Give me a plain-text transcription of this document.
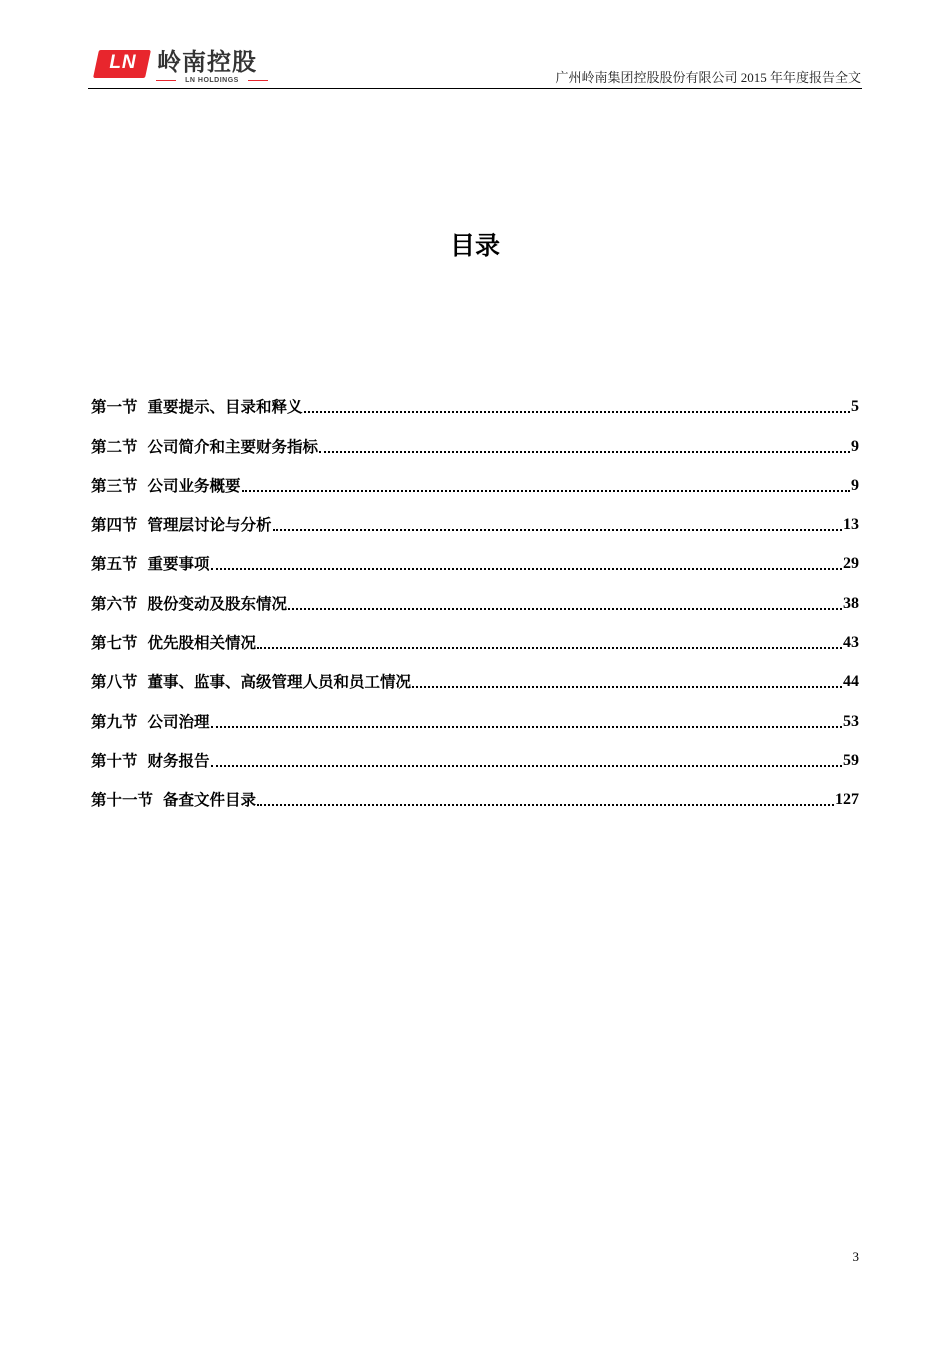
LN 岭南控股
LN HOLDINGS	广州岭南集团控股股份有限公司 2015 年年度报告全文
目录
第一节 重要提示、目录和释义	5
第二节 公司简介和主要财务指标	9
第三节 公司业务概要	9
第四节 管理层讨论与分析	13
第五节 重要事项	29
第六节 股份变动及股东情况	38
第七节 优先股相关情况	43
第八节 董事、监事、高级管理人员和员工情况	44
第九节 公司治理	53
第十节 财务报告	59
第十一节 备查文件目录	127
3
